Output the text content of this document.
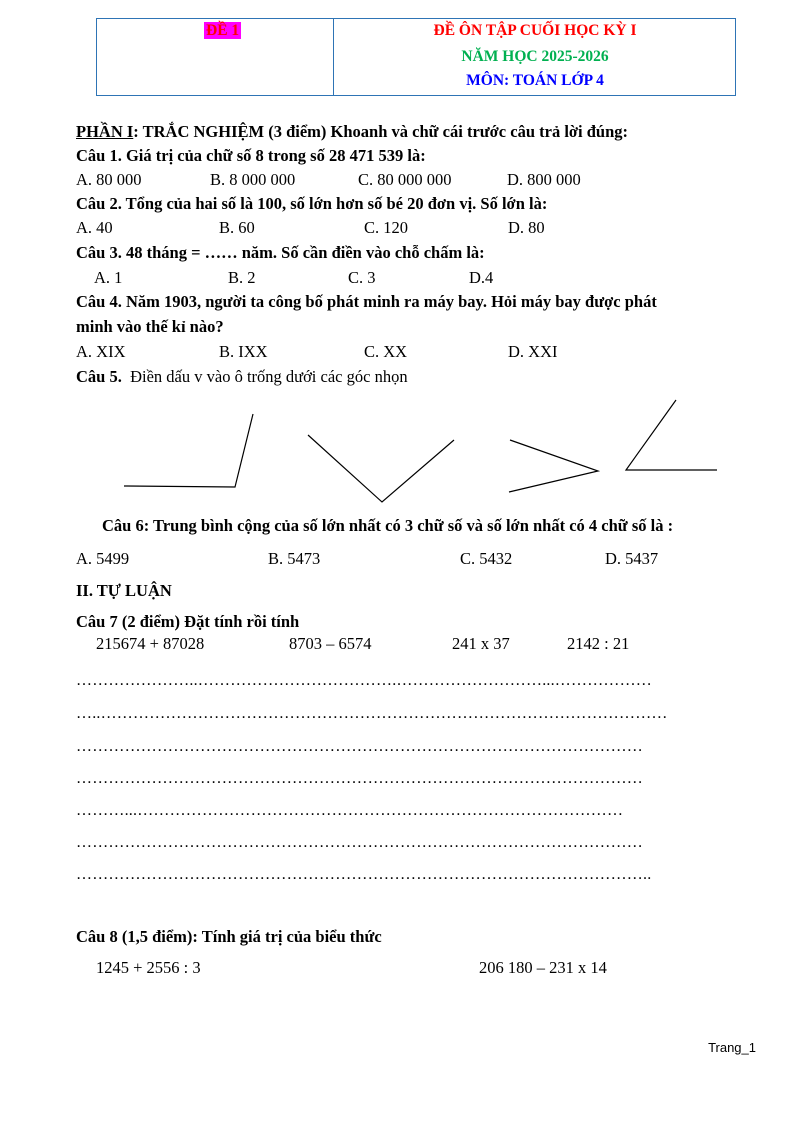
ĐỀ 1	ĐỀ ÔN TẬP CUỐI HỌC KỲ I
NĂM HỌC 2025-2026
MÔN: TOÁN LỚP 4
PHẦN I: TRẮC NGHIỆM (3 điểm) Khoanh và chữ cái trước câu trả lời đúng:
Câu 1. Giá trị của chữ số 8 trong số 28 471 539 là:
A. 80 000	B. 8 000 000	C. 80 000 000	D. 800 000
Câu 2. Tổng của hai số là 100, số lớn hơn số bé 20 đơn vị. Số lớn là:
A. 40	B. 60	C. 120	D. 80
Câu 3. 48 tháng = …… năm. Số cần điền vào chỗ chấm là:
A. 1	B. 2	C. 3	D.4
Câu 4. Năm 1903, người ta công bố phát minh ra máy bay. Hỏi máy bay được phát
minh vào thế kỉ nào?
A. XIX	B. IXX	C. XX	D. XXI
Câu 5. Điền dấu v vào ô trống dưới các góc nhọn
Câu 6: Trung bình cộng của số lớn nhất có 3 chữ số và số lớn nhất có 4 chữ số là :
A. 5499	B. 5473	C. 5432	D. 5437
II. TỰ LUẬN
Câu 7 (2 điểm) Đặt tính rồi tính
215674 + 87028	8703 – 6574	241 x 37	2142 : 21
…………………..……………………………….………………………...………………
…..……………………………………………………………………………………………
……………………………………………………………………………………………
……………………………………………………………………………………………
………...………………………………………………………………………………
……………………………………………………………………………………………
……………………………………………………………………………………………..
Câu 8 (1,5 điểm): Tính giá trị của biểu thức
1245 + 2556 : 3	206 180 – 231 x 14
Trang_1
